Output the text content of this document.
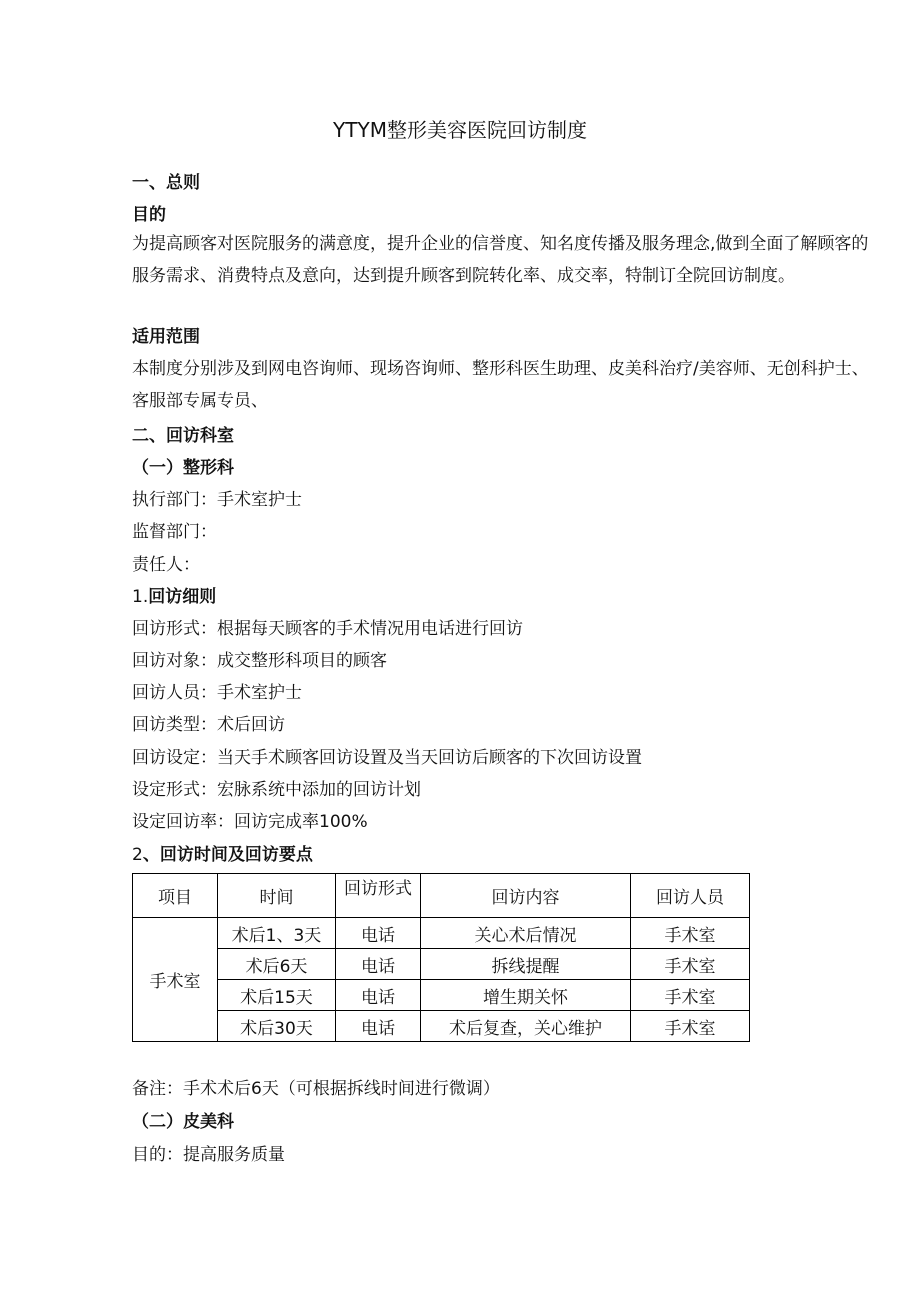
YTYM整形美容医院回访制度
一、总则
目的
为提高顾客对医院服务的满意度，提升企业的信誉度、知名度传播及服务理念,做到全面了解顾客的服务需求、消费特点及意向，达到提升顾客到院转化率、成交率，特制订全院回访制度。
适用范围
本制度分别涉及到网电咨询师、现场咨询师、整形科医生助理、皮美科治疗/美容师、无创科护士、客服部专属专员、
二、回访科室
（一）整形科
执行部门：手术室护士
监督部门：
责任人：
1.回访细则
回访形式：根据每天顾客的手术情况用电话进行回访
回访对象：成交整形科项目的顾客
回访人员：手术室护士
回访类型：术后回访
回访设定：当天手术顾客回访设置及当天回访后顾客的下次回访设置
设定形式：宏脉系统中添加的回访计划
设定回访率：回访完成率100%
2、回访时间及回访要点
项目	时间	回访形式	回访内容	回访人员
手术室	术后1、3天	电话	关心术后情况	手术室
	术后6天	电话	拆线提醒	手术室
	术后15天	电话	增生期关怀	手术室
	术后30天	电话	术后复查，关心维护	手术室
备注：手术术后6天（可根据拆线时间进行微调）
（二）皮美科
目的：提高服务质量
